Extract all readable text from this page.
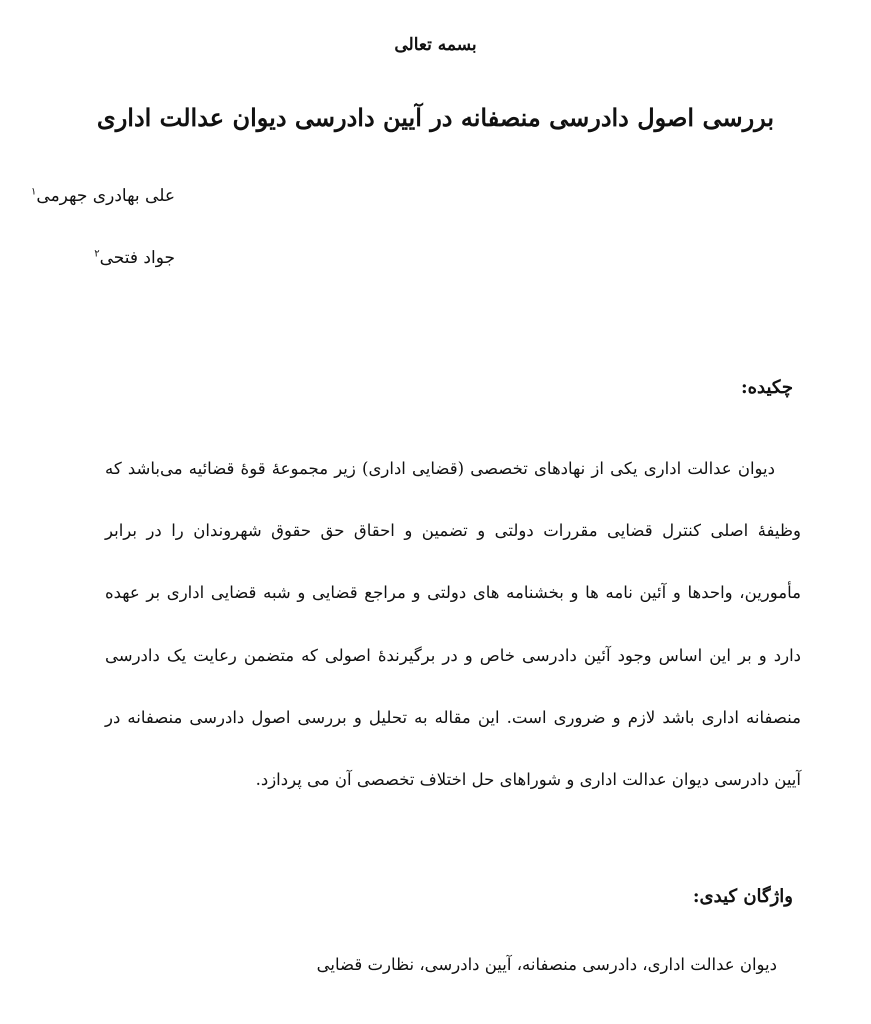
بسمه تعالی
بررسی اصول دادرسی منصفانه در آیین دادرسی دیوان عدالت اداری
علی بهادری جهرمی$^۱$
جواد فتحی$^۲$
چکیده:

دیوان عدالت اداری یکی از نهادهای تخصصی (قضایی اداری) زیر مجموعهٔ قوهٔ قضائیه می‌باشد که وظیفهٔ اصلی کنترل قضایی مقررات دولتی و تضمین و احقاق حق حقوق شهروندان را در برابر مأمورین، واحدها و آئین نامه ها و بخشنامه های دولتی و مراجع قضایی و شبه قضایی اداری بر عهده دارد و بر این اساس وجود آئین دادرسی خاص و در برگیرندهٔ اصولی که متضمن رعایت یک دادرسی منصفانه اداری باشد لازم و ضروری است. این مقاله به تحلیل و بررسی اصول دادرسی منصفانه در آیین دادرسی دیوان عدالت اداری و شوراهای حل اختلاف تخصصی آن می پردازد.

واژگان کیدی:

دیوان عدالت اداری، دادرسی منصفانه، آیین دادرسی، نظارت قضایی
